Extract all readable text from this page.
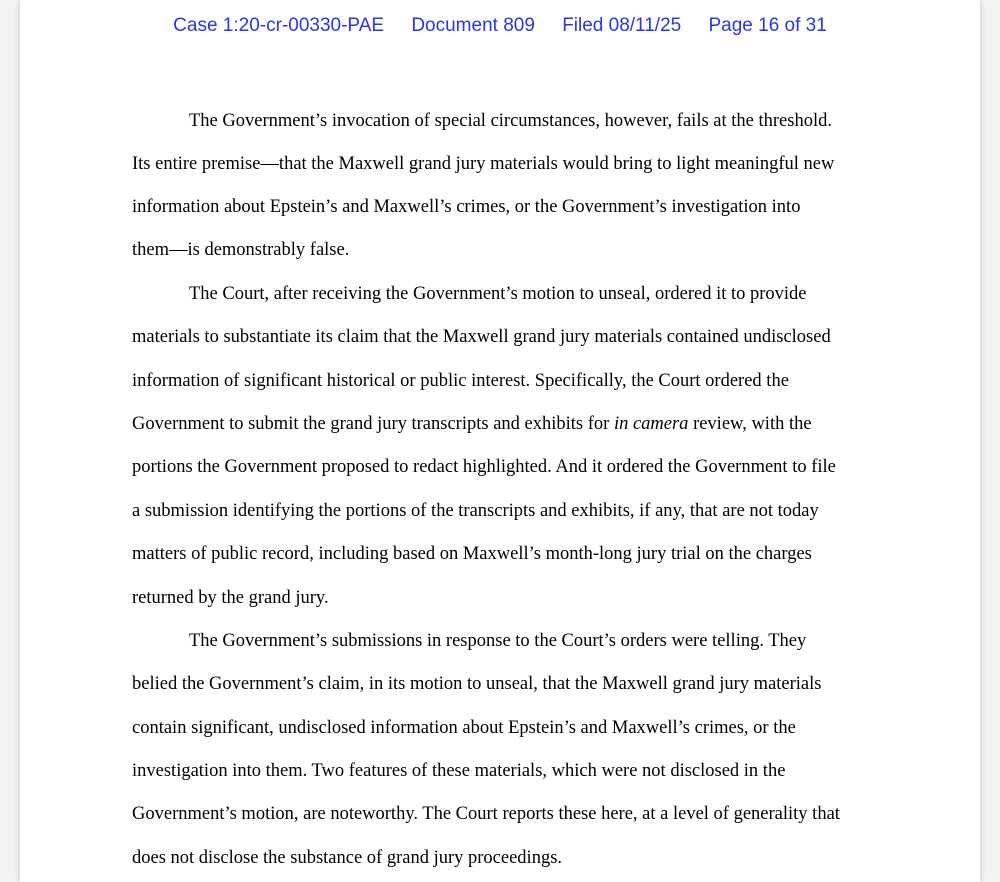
Case 1:20-cr-00330-PAE Document 809 Filed 08/11/25 Page 16 of 31
The Government’s invocation of special circumstances, however, fails at the threshold.
Its entire premise—that the Maxwell grand jury materials would bring to light meaningful new
information about Epstein’s and Maxwell’s crimes, or the Government’s investigation into
them—is demonstrably false.
The Court, after receiving the Government’s motion to unseal, ordered it to provide
materials to substantiate its claim that the Maxwell grand jury materials contained undisclosed
information of significant historical or public interest. Specifically, the Court ordered the
Government to submit the grand jury transcripts and exhibits for in camera review, with the
portions the Government proposed to redact highlighted. And it ordered the Government to file
a submission identifying the portions of the transcripts and exhibits, if any, that are not today
matters of public record, including based on Maxwell’s month-long jury trial on the charges
returned by the grand jury.
The Government’s submissions in response to the Court’s orders were telling. They
belied the Government’s claim, in its motion to unseal, that the Maxwell grand jury materials
contain significant, undisclosed information about Epstein’s and Maxwell’s crimes, or the
investigation into them. Two features of these materials, which were not disclosed in the
Government’s motion, are noteworthy. The Court reports these here, at a level of generality that
does not disclose the substance of grand jury proceedings.
